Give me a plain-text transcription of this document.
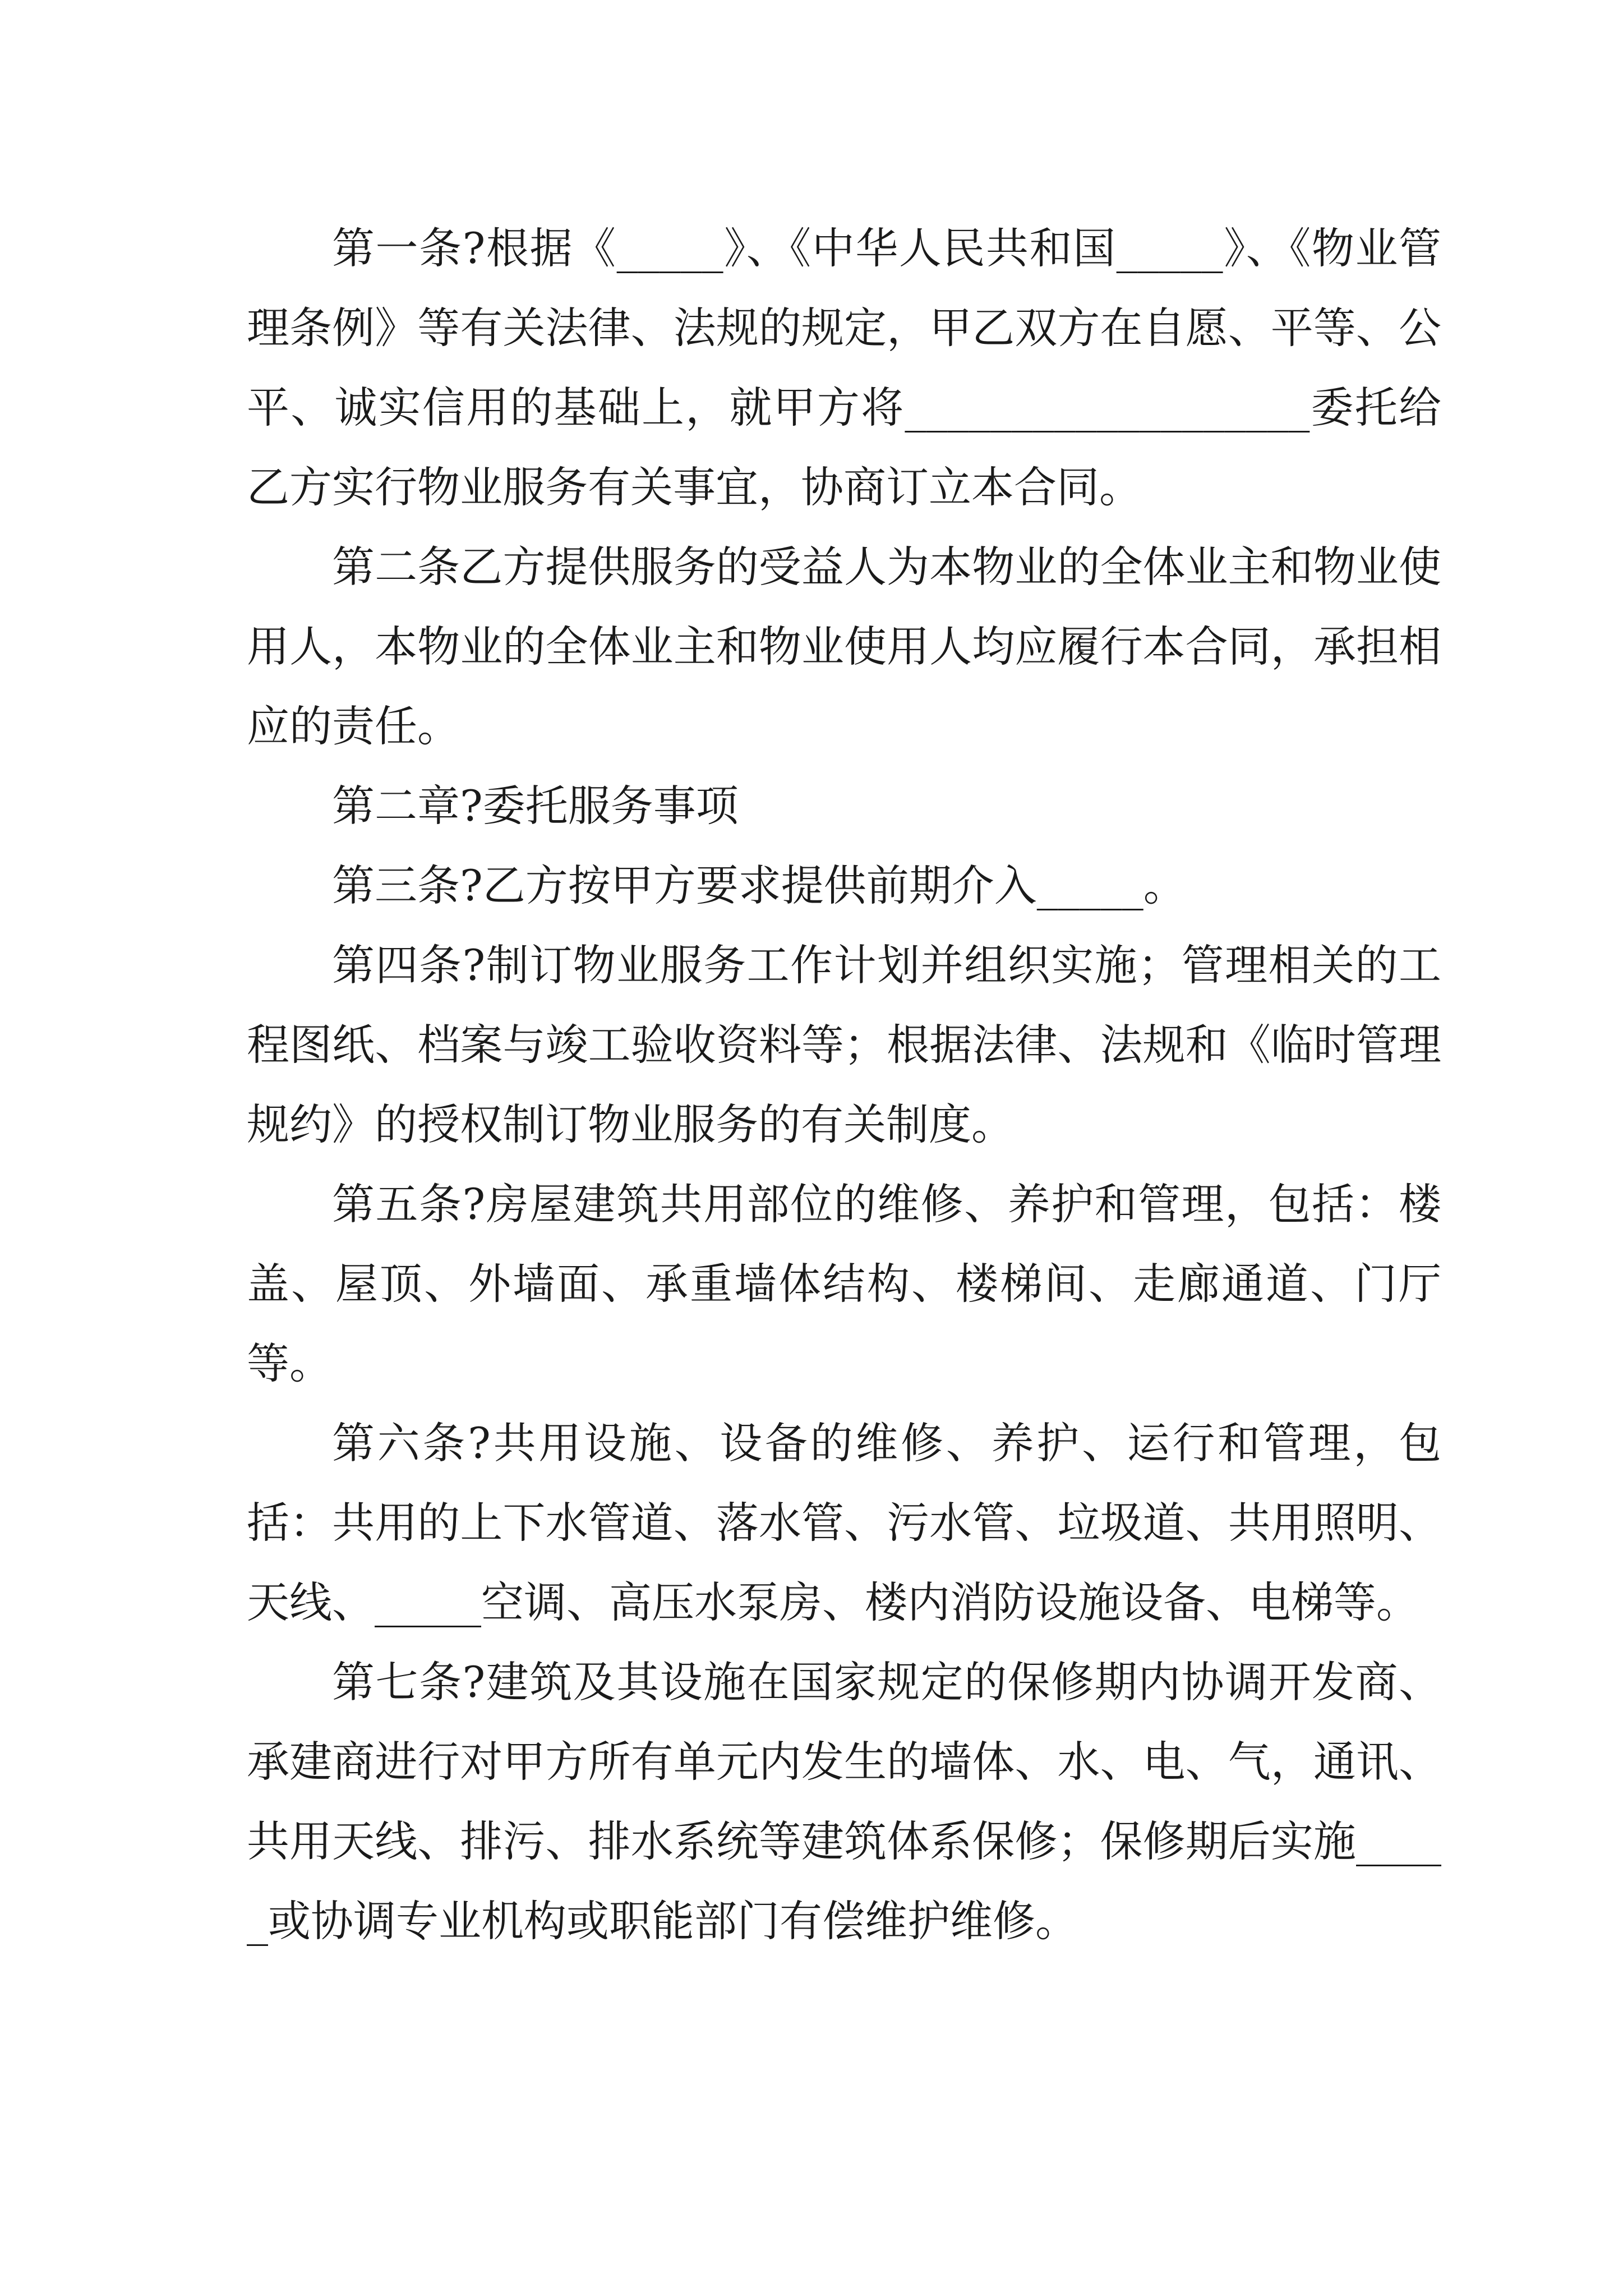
第一条?根据《_____》、《中华人民共和国_____》、《物业管理条例》等有关法律、法规的规定，甲乙双方在自愿、平等、公平、诚实信用的基础上，就甲方将___________________委托给乙方实行物业服务有关事宜，协商订立本合同。

第二条乙方提供服务的受益人为本物业的全体业主和物业使用人，本物业的全体业主和物业使用人均应履行本合同，承担相应的责任。

第二章?委托服务事项

第三条?乙方按甲方要求提供前期介入_____。

第四条?制订物业服务工作计划并组织实施；管理相关的工程图纸、档案与竣工验收资料等；根据法律、法规和《临时管理规约》的授权制订物业服务的有关制度。

第五条?房屋建筑共用部位的维修、养护和管理，包括：楼盖、屋顶、外墙面、承重墙体结构、楼梯间、走廊通道、门厅等。

第六条?共用设施、设备的维修、养护、运行和管理，包括：共用的上下水管道、落水管、污水管、垃圾道、共用照明、天线、_____空调、高压水泵房、楼内消防设施设备、电梯等。

第七条?建筑及其设施在国家规定的保修期内协调开发商、承建商进行对甲方所有单元内发生的墙体、水、电、气，通讯、共用天线、排污、排水系统等建筑体系保修；保修期后实施_____或协调专业机构或职能部门有偿维护维修。
